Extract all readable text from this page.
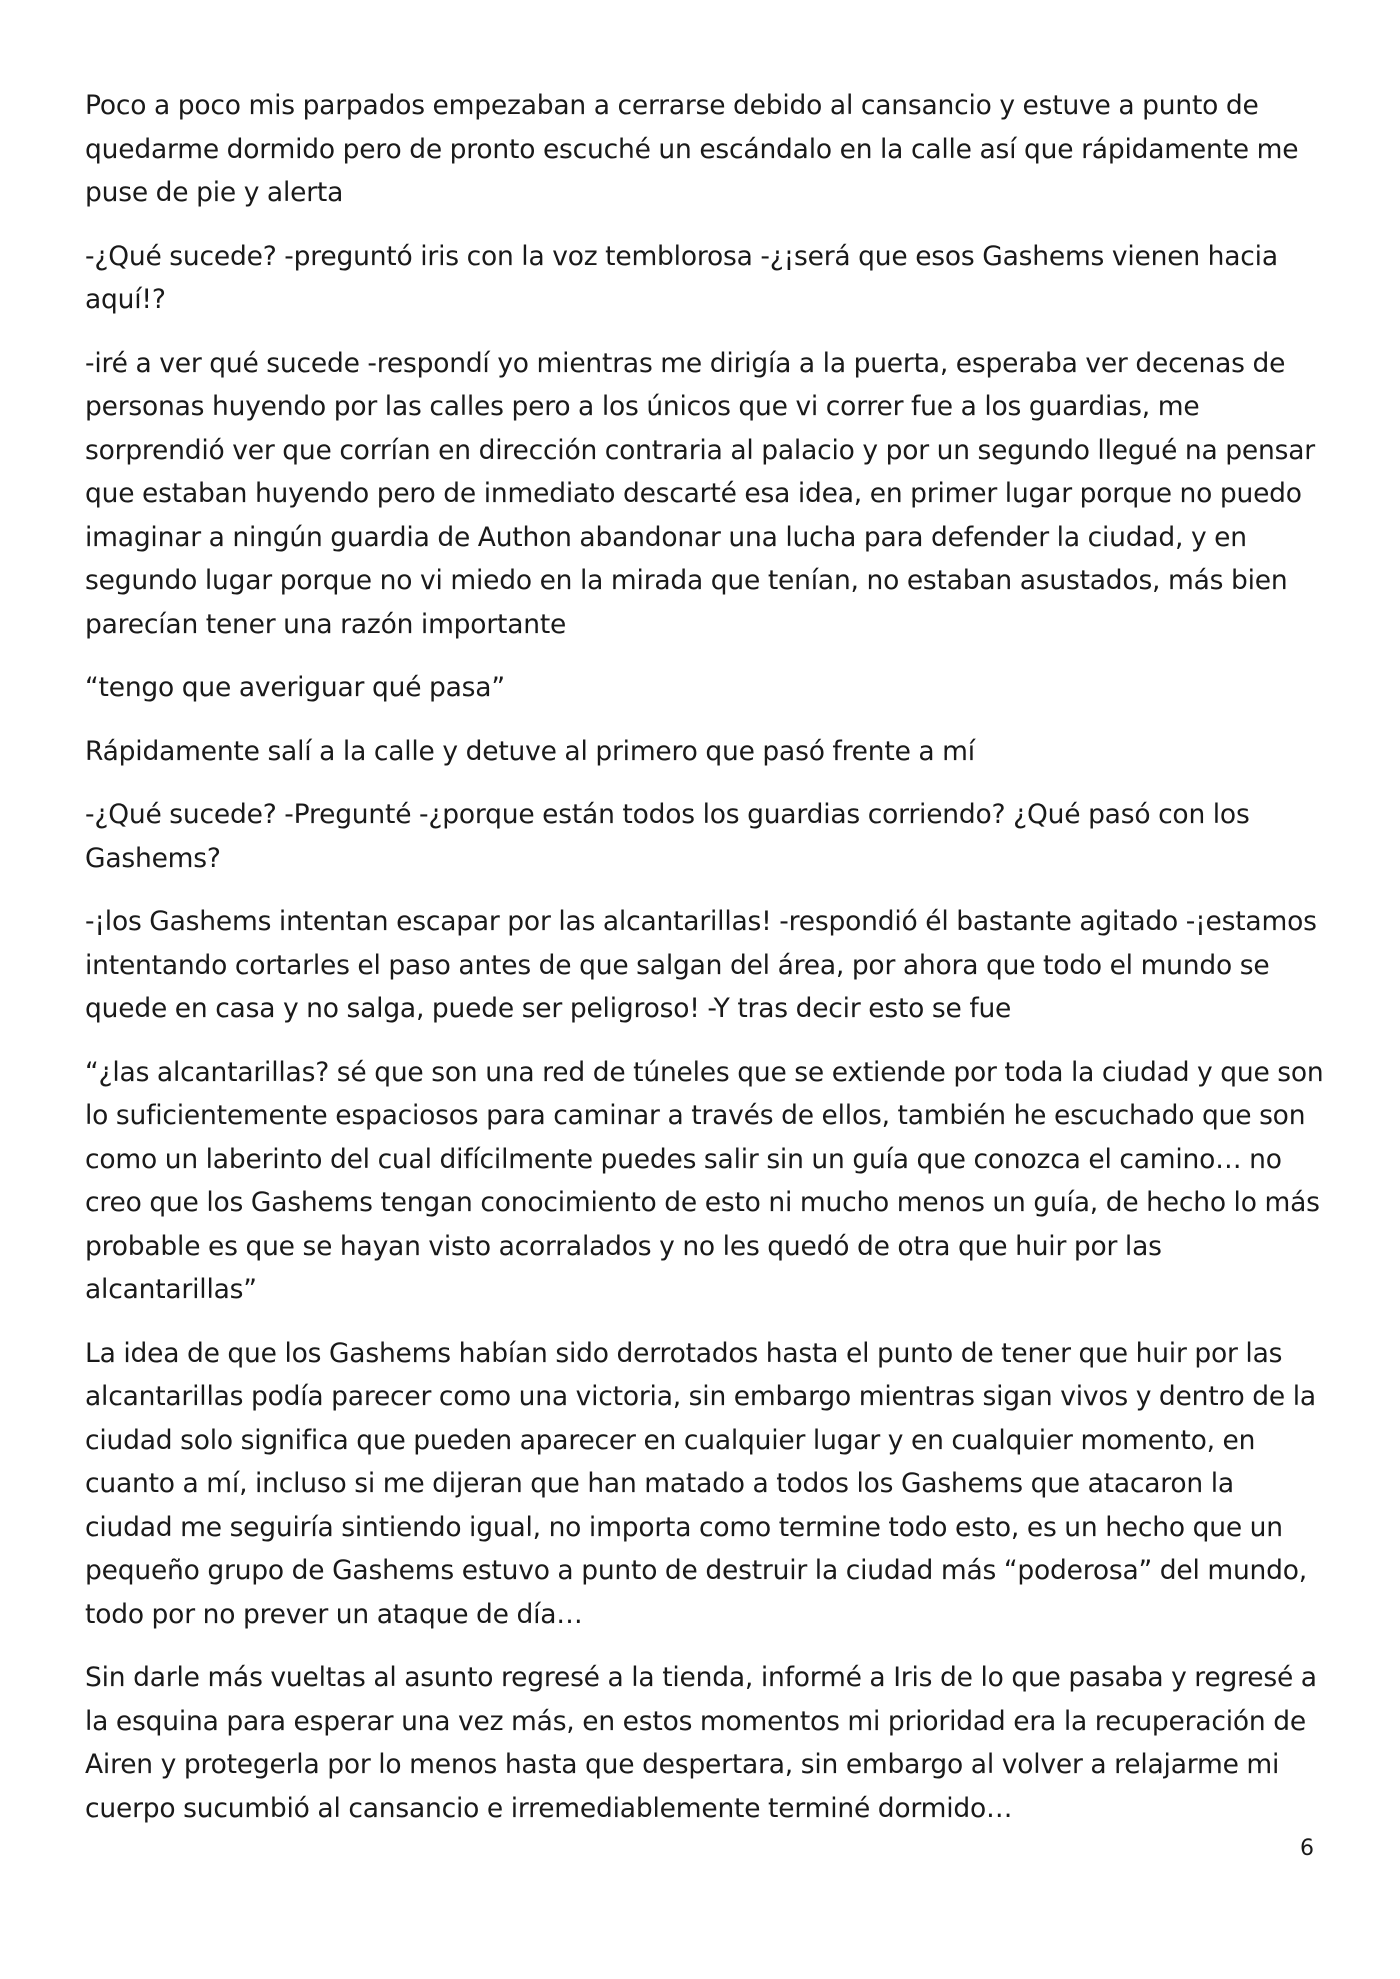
Poco a poco mis parpados empezaban a cerrarse debido al cansancio y estuve a punto de quedarme dormido pero de pronto escuché un escándalo en la calle así que rápidamente me puse de pie y alerta

-¿Qué sucede? -preguntó iris con la voz temblorosa -¿¡será que esos Gashems vienen hacia aquí!?

-iré a ver qué sucede -respondí yo mientras me dirigía a la puerta, esperaba ver decenas de personas huyendo por las calles pero a los únicos que vi correr fue a los guardias, me sorprendió ver que corrían en dirección contraria al palacio y por un segundo llegué na pensar que estaban huyendo pero de inmediato descarté esa idea, en primer lugar porque no puedo imaginar a ningún guardia de Authon abandonar una lucha para defender la ciudad, y en segundo lugar porque no vi miedo en la mirada que tenían, no estaban asustados, más bien parecían tener una razón importante

“tengo que averiguar qué pasa”

Rápidamente salí a la calle y detuve al primero que pasó frente a mí

-¿Qué sucede? -Pregunté -¿porque están todos los guardias corriendo? ¿Qué pasó con los Gashems?

-¡los Gashems intentan escapar por las alcantarillas! -respondió él bastante agitado -¡estamos intentando cortarles el paso antes de que salgan del área, por ahora que todo el mundo se quede en casa y no salga, puede ser peligroso! -Y tras decir esto se fue

“¿las alcantarillas? sé que son una red de túneles que se extiende por toda la ciudad y que son lo suficientemente espaciosos para caminar a través de ellos, también he escuchado que son como un laberinto del cual difícilmente puedes salir sin un guía que conozca el camino… no creo que los Gashems tengan conocimiento de esto ni mucho menos un guía, de hecho lo más probable es que se hayan visto acorralados y no les quedó de otra que huir por las alcantarillas”

La idea de que los Gashems habían sido derrotados hasta el punto de tener que huir por las alcantarillas podía parecer como una victoria, sin embargo mientras sigan vivos y dentro de la ciudad solo significa que pueden aparecer en cualquier lugar y en cualquier momento, en cuanto a mí, incluso si me dijeran que han matado a todos los Gashems que atacaron la ciudad me seguiría sintiendo igual, no importa como termine todo esto, es un hecho que un pequeño grupo de Gashems estuvo a punto de destruir la ciudad más “poderosa” del mundo, todo por no prever un ataque de día…

Sin darle más vueltas al asunto regresé a la tienda, informé a Iris de lo que pasaba y regresé a la esquina para esperar una vez más, en estos momentos mi prioridad era la recuperación de Airen y protegerla por lo menos hasta que despertara, sin embargo al volver a relajarme mi cuerpo sucumbió al cansancio e irremediablemente terminé dormido…

6
